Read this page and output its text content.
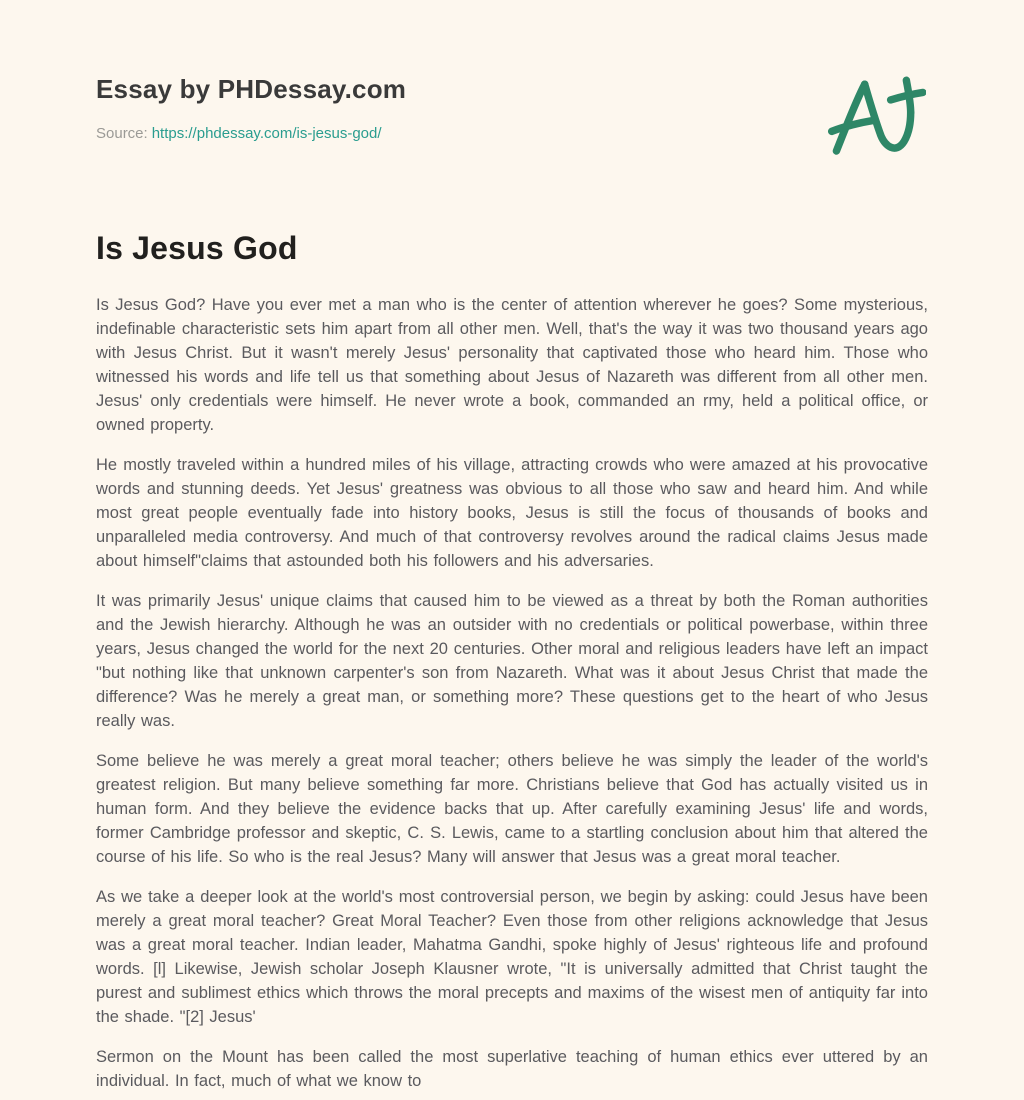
Essay by PHDessay.com
Source: https://phdessay.com/is-jesus-god/
Is Jesus God

Is Jesus God? Have you ever met a man who is the center of attention wherever he goes? Some mysterious, indefinable characteristic sets him apart from all other men. Well, that's the way it was two thousand years ago with Jesus Christ. But it wasn't merely Jesus' personality that captivated those who heard him. Those who witnessed his words and life tell us that something about Jesus of Nazareth was different from all other men. Jesus' only credentials were himself. He never wrote a book, commanded an rmy, held a political office, or owned property.

He mostly traveled within a hundred miles of his village, attracting crowds who were amazed at his provocative words and stunning deeds. Yet Jesus' greatness was obvious to all those who saw and heard him. And while most great people eventually fade into history books, Jesus is still the focus of thousands of books and unparalleled media controversy. And much of that controversy revolves around the radical claims Jesus made about himself"claims that astounded both his followers and his adversaries.

It was primarily Jesus' unique claims that caused him to be viewed as a threat by both the Roman authorities and the Jewish hierarchy. Although he was an outsider with no credentials or political powerbase, within three years, Jesus changed the world for the next 20 centuries. Other moral and religious leaders have left an impact "but nothing like that unknown carpenter's son from Nazareth. What was it about Jesus Christ that made the difference? Was he merely a great man, or something more? These questions get to the heart of who Jesus really was.

Some believe he was merely a great moral teacher; others believe he was simply the leader of the world's greatest religion. But many believe something far more. Christians believe that God has actually visited us in human form. And they believe the evidence backs that up. After carefully examining Jesus' life and words, former Cambridge professor and skeptic, C. S. Lewis, came to a startling conclusion about him that altered the course of his life. So who is the real Jesus? Many will answer that Jesus was a great moral teacher.

As we take a deeper look at the world's most controversial person, we begin by asking: could Jesus have been merely a great moral teacher? Great Moral Teacher? Even those from other religions acknowledge that Jesus was a great moral teacher. Indian leader, Mahatma Gandhi, spoke highly of Jesus' righteous life and profound words. [l] Likewise, Jewish scholar Joseph Klausner wrote, "It is universally admitted that Christ taught the purest and sublimest ethics which throws the moral precepts and maxims of the wisest men of antiquity far into the shade. "[2] Jesus'

Sermon on the Mount has been called the most superlative teaching of human ethics ever uttered by an individual. In fact, much of what we know to
